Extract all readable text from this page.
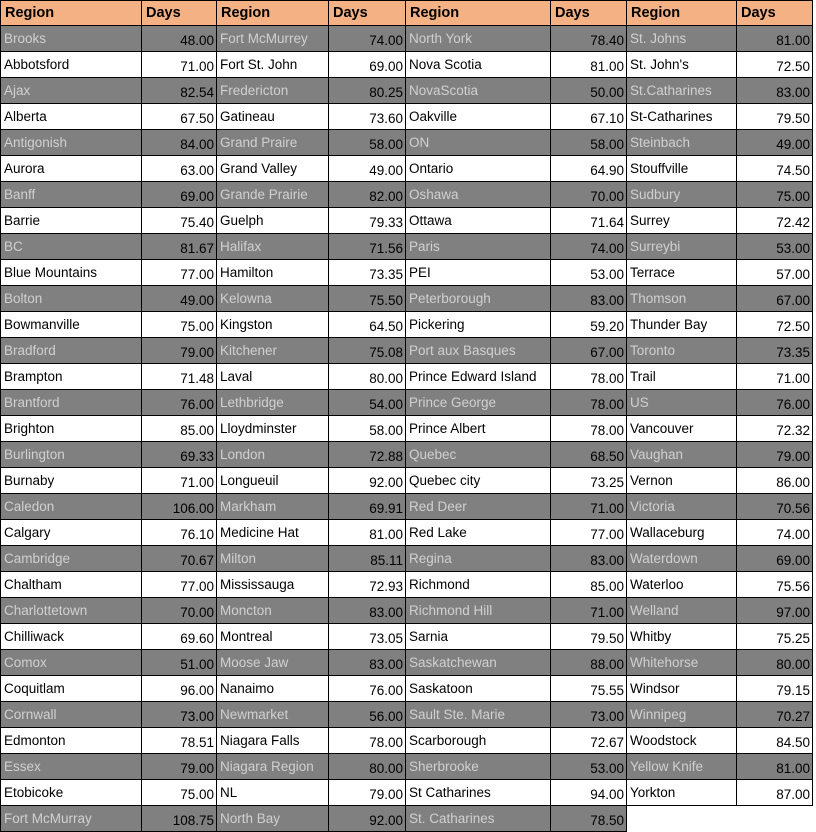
Region	Days	Region	Days	Region	Days	Region	Days
Brooks	48.00	Fort McMurrey	74.00	North York	78.40	St. Johns	81.00
Abbotsford	71.00	Fort St. John	69.00	Nova Scotia	81.00	St. John's	72.50
Ajax	82.54	Fredericton	80.25	NovaScotia	50.00	St.Catharines	83.00
Alberta	67.50	Gatineau	73.60	Oakville	67.10	St-Catharines	79.50
Antigonish	84.00	Grand Praire	58.00	ON	58.00	Steinbach	49.00
Aurora	63.00	Grand Valley	49.00	Ontario	64.90	Stouffville	74.50
Banff	69.00	Grande Prairie	82.00	Oshawa	70.00	Sudbury	75.00
Barrie	75.40	Guelph	79.33	Ottawa	71.64	Surrey	72.42
BC	81.67	Halifax	71.56	Paris	74.00	Surreybi	53.00
Blue Mountains	77.00	Hamilton	73.35	PEI	53.00	Terrace	57.00
Bolton	49.00	Kelowna	75.50	Peterborough	83.00	Thomson	67.00
Bowmanville	75.00	Kingston	64.50	Pickering	59.20	Thunder Bay	72.50
Bradford	79.00	Kitchener	75.08	Port aux Basques	67.00	Toronto	73.35
Brampton	71.48	Laval	80.00	Prince Edward Island	78.00	Trail	71.00
Brantford	76.00	Lethbridge	54.00	Prince George	78.00	US	76.00
Brighton	85.00	Lloydminster	58.00	Prince Albert	78.00	Vancouver	72.32
Burlington	69.33	London	72.88	Quebec	68.50	Vaughan	79.00
Burnaby	71.00	Longueuil	92.00	Quebec city	73.25	Vernon	86.00
Caledon	106.00	Markham	69.91	Red Deer	71.00	Victoria	70.56
Calgary	76.10	Medicine Hat	81.00	Red Lake	77.00	Wallaceburg	74.00
Cambridge	70.67	Milton	85.11	Regina	83.00	Waterdown	69.00
Chaltham	77.00	Mississauga	72.93	Richmond	85.00	Waterloo	75.56
Charlottetown	70.00	Moncton	83.00	Richmond Hill	71.00	Welland	97.00
Chilliwack	69.60	Montreal	73.05	Sarnia	79.50	Whitby	75.25
Comox	51.00	Moose Jaw	83.00	Saskatchewan	88.00	Whitehorse	80.00
Coquitlam	96.00	Nanaimo	76.00	Saskatoon	75.55	Windsor	79.15
Cornwall	73.00	Newmarket	56.00	Sault Ste. Marie	73.00	Winnipeg	70.27
Edmonton	78.51	Niagara Falls	78.00	Scarborough	72.67	Woodstock	84.50
Essex	79.00	Niagara Region	80.00	Sherbrooke	53.00	Yellow Knife	81.00
Etobicoke	75.00	NL	79.00	St Catharines	94.00	Yorkton	87.00
Fort McMurray	108.75	North Bay	92.00	St. Catharines	78.50		
